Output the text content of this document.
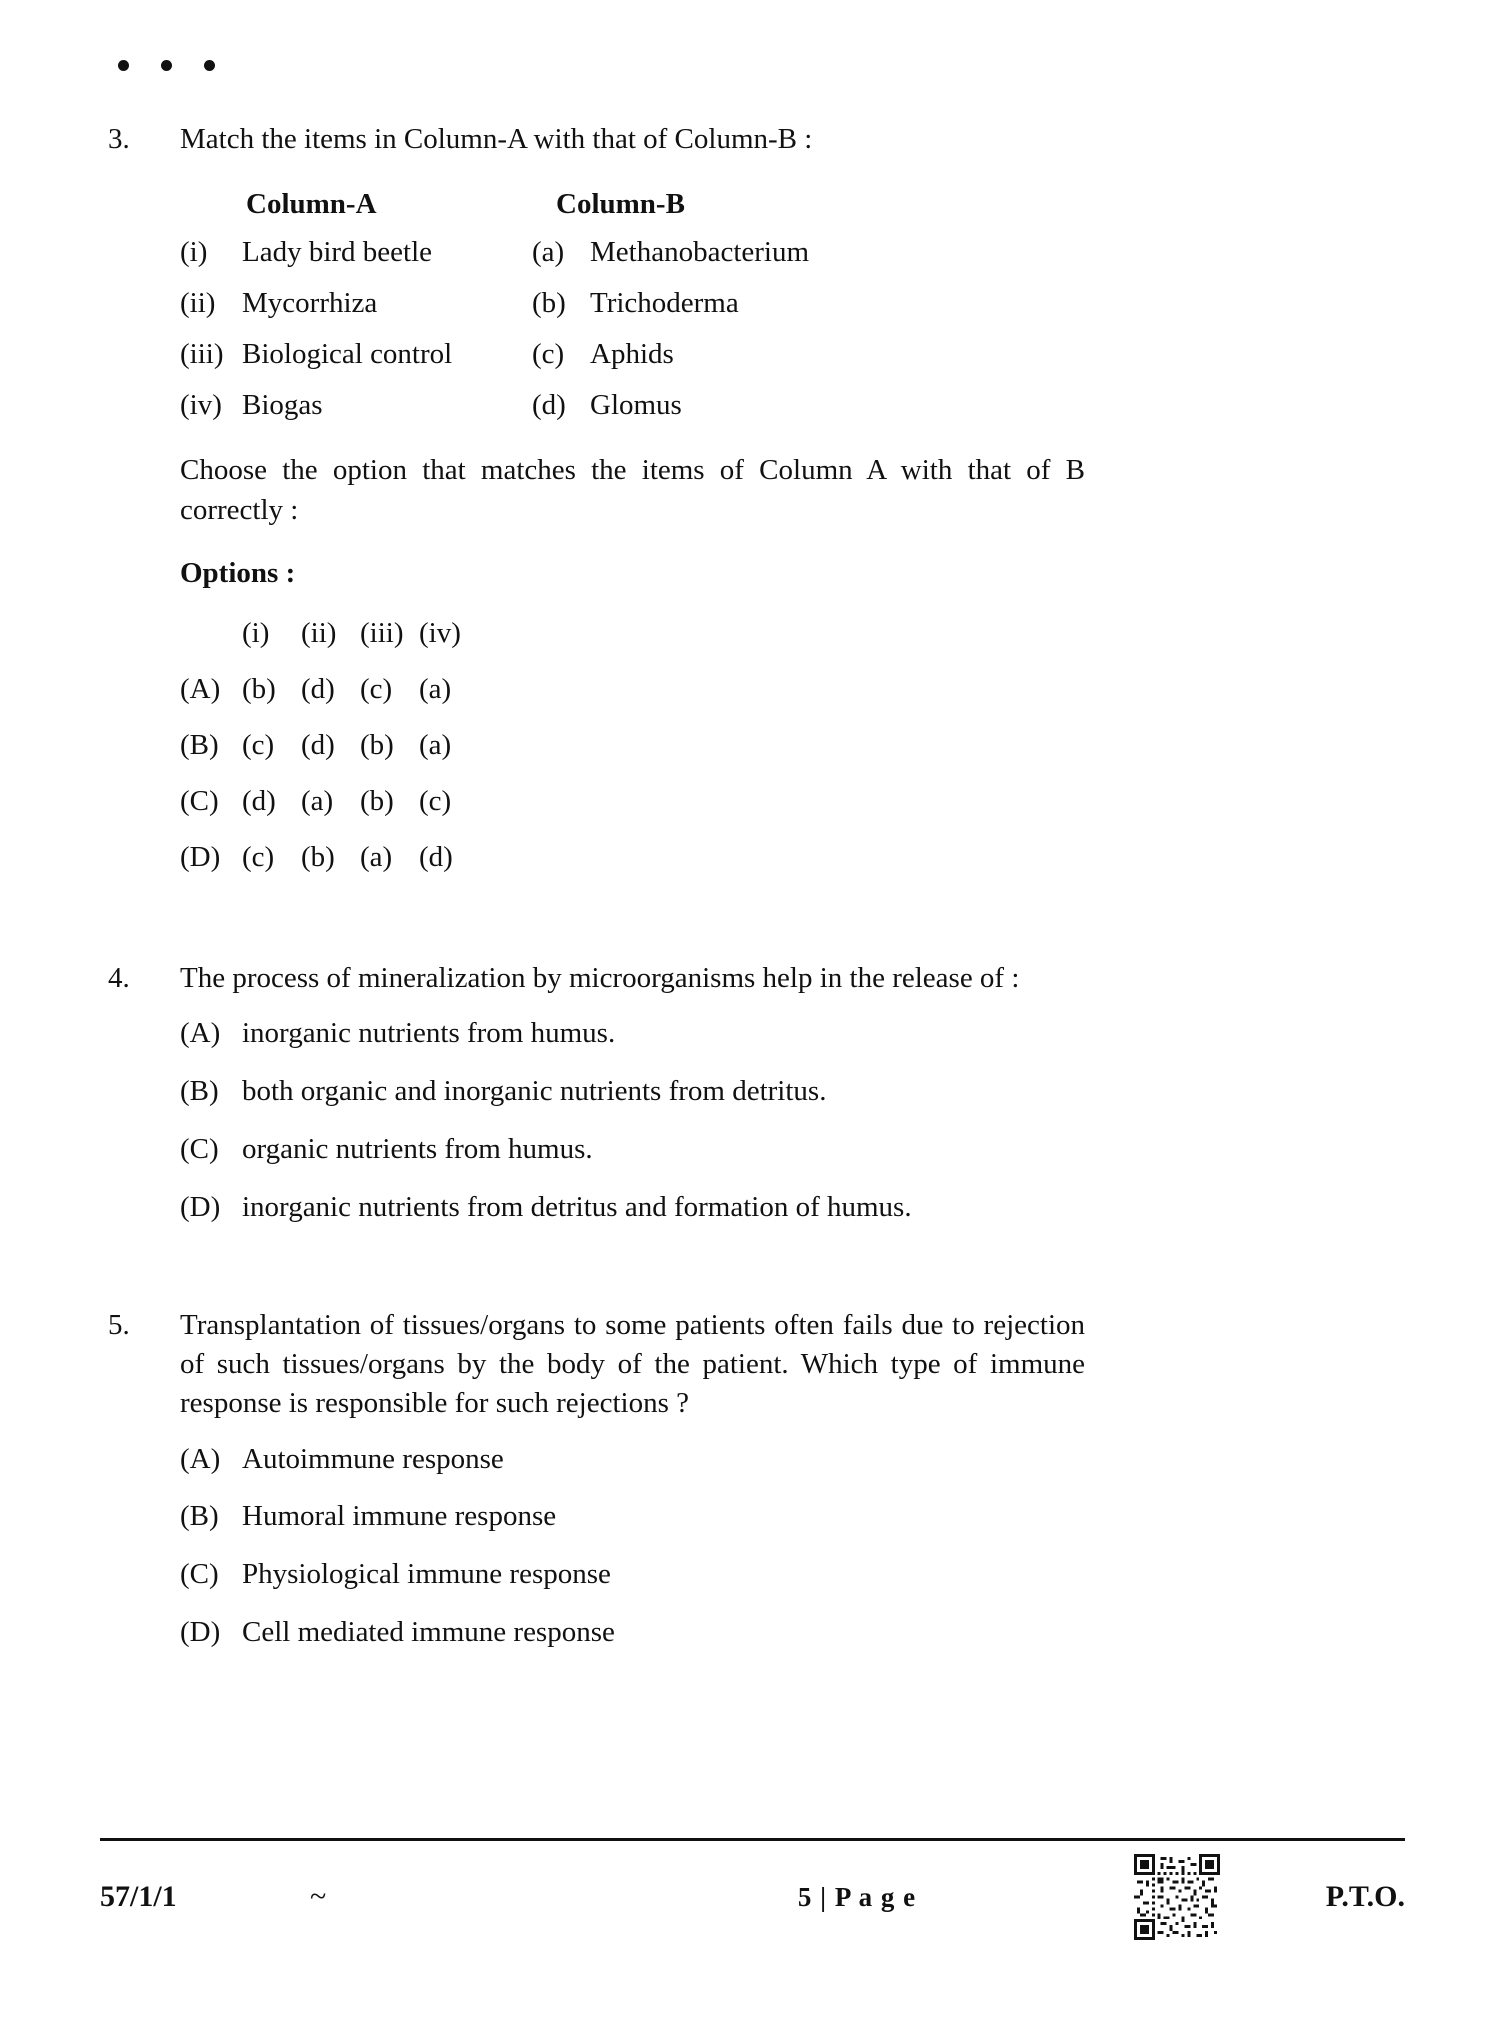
3.	Match the items in Column-A with that of Column-B :
Column-A	Column-B
(i)	Lady bird beetle	(a) Methanobacterium
(ii) Mycorrhiza	(b) Trichoderma
(iii) Biological control	(c) Aphids
(iv) Biogas	(d) Glomus
Choose the option that matches the items of Column A with that of B
correctly :
Options :
(i)	(ii) (iii) (iv)
(A) (b) (d) (c) (a)
(B) (c) (d) (b) (a)
(C) (d) (a) (b) (c)
(D) (c) (b) (a) (d)
4.	The process of mineralization by microorganisms help in the release of :
(A) inorganic nutrients from humus.
(B) both organic and inorganic nutrients from detritus.
(C) organic nutrients from humus.
(D) inorganic nutrients from detritus and formation of humus.
5.	Transplantation of tissues/organs to some patients often fails due to rejection
of such tissues/organs by the body of the patient. Which type of immune
response is responsible for such rejections ?
(A) Autoimmune response
(B) Humoral immune response
(C) Physiological immune response
(D) Cell mediated immune response
57/1/1	~	5 | P a g e	P.T.O.
